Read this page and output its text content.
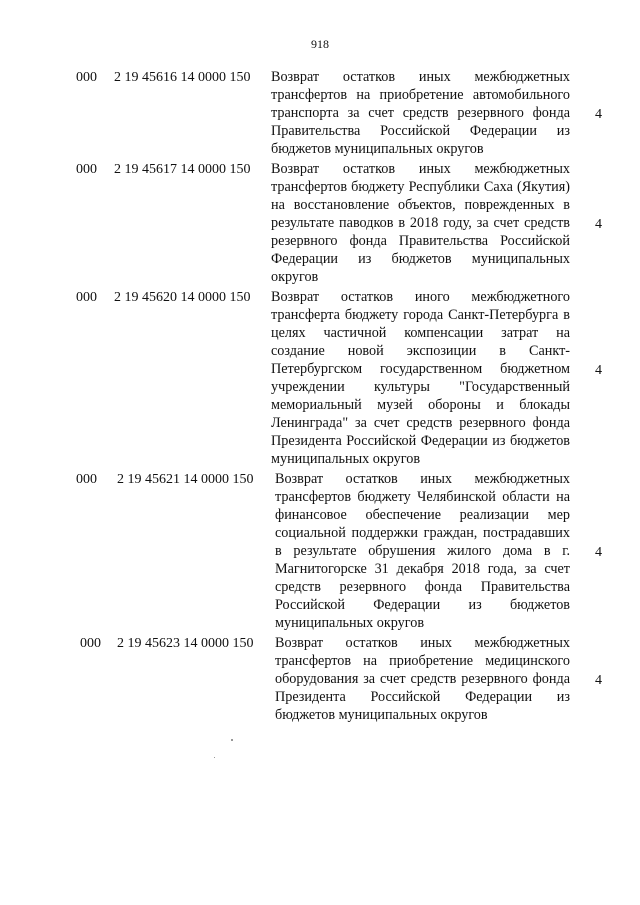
918
000 2 19 45616 14 0000 150 Возврат остатков иных межбюджетных трансфертов на приобретение автомобильного транспорта за счет средств резервного фонда Правительства Российской Федерации из бюджетов муниципальных округов
4
000 2 19 45617 14 0000 150 Возврат остатков иных межбюджетных трансфертов бюджету Республики Саха (Якутия) на восстановление объектов, поврежденных в результате паводков в 2018 году, за счет средств резервного фонда Правительства Российской Федерации из бюджетов муниципальных округов
4
000 2 19 45620 14 0000 150 Возврат остатков иного межбюджетного трансферта бюджету города Санкт-Петербурга в целях частичной компенсации затрат на создание новой экспозиции в Санкт-Петербургском государственном бюджетном учреждении культуры "Государственный мемориальный музей обороны и блокады Ленинграда" за счет средств резервного фонда Президента Российской Федерации из бюджетов муниципальных округов
4
000 2 19 45621 14 0000 150 Возврат остатков иных межбюджетных трансфертов бюджету Челябинской области на финансовое обеспечение реализации мер социальной поддержки граждан, пострадавших в результате обрушения жилого дома в г. Магнитогорске 31 декабря 2018 года, за счет средств резервного фонда Правительства Российской Федерации из бюджетов муниципальных округов
4
000 2 19 45623 14 0000 150 Возврат остатков иных межбюджетных трансфертов на приобретение медицинского оборудования за счет средств резервного фонда Президента Российской Федерации из бюджетов муниципальных округов
4
